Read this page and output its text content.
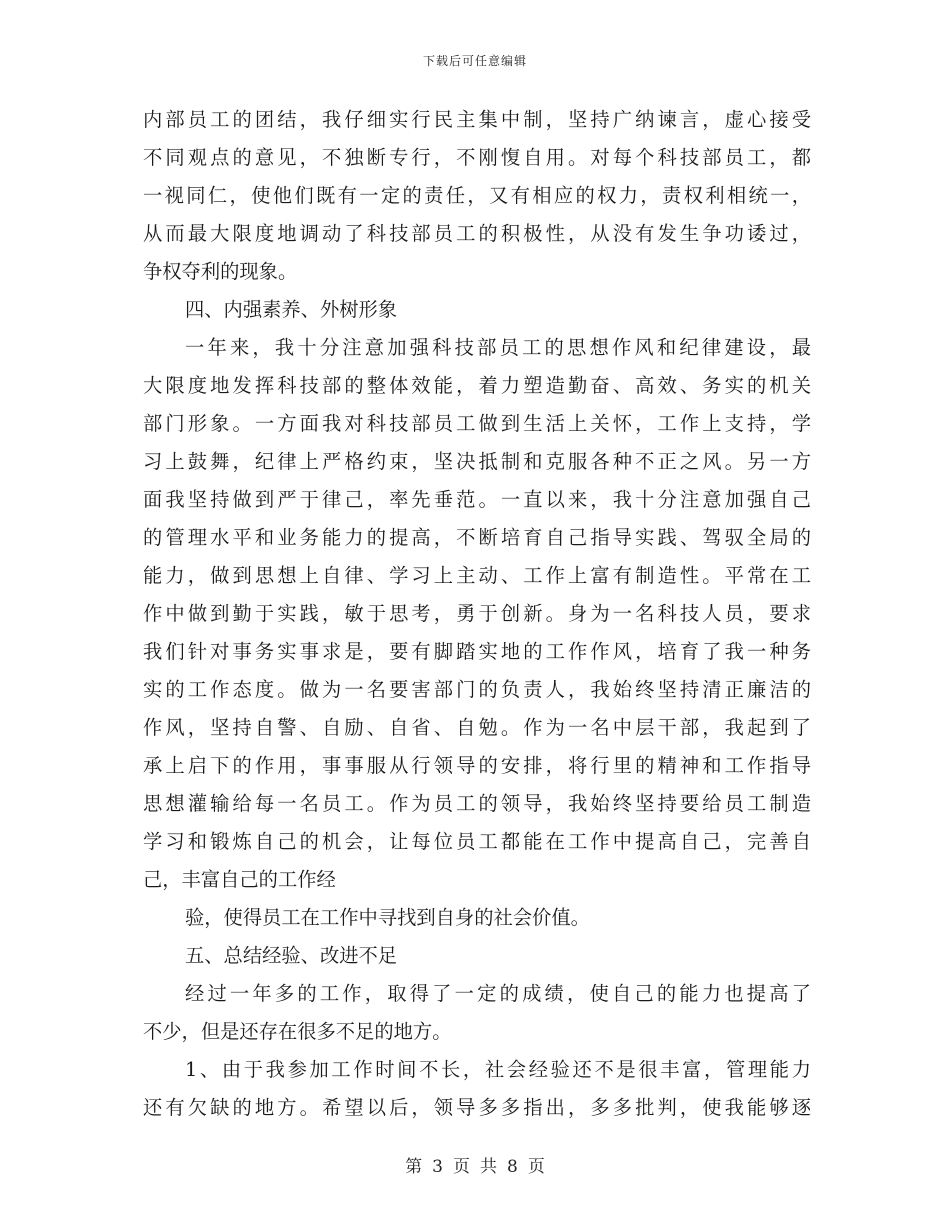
下载后可任意编辑
内部员工的团结，我仔细实行民主集中制，坚持广纳谏言，虚心接受
不同观点的意见，不独断专行，不刚愎自用。对每个科技部员工，都
一视同仁，使他们既有一定的责任，又有相应的权力，责权利相统一，
从而最大限度地调动了科技部员工的积极性，从没有发生争功诿过，
争权夺利的现象。
四、内强素养、外树形象
一年来，我十分注意加强科技部员工的思想作风和纪律建设，最
大限度地发挥科技部的整体效能，着力塑造勤奋、高效、务实的机关
部门形象。一方面我对科技部员工做到生活上关怀，工作上支持，学
习上鼓舞，纪律上严格约束，坚决抵制和克服各种不正之风。另一方
面我坚持做到严于律己，率先垂范。一直以来，我十分注意加强自己
的管理水平和业务能力的提高，不断培育自己指导实践、驾驭全局的
能力，做到思想上自律、学习上主动、工作上富有制造性。平常在工
作中做到勤于实践，敏于思考，勇于创新。身为一名科技人员，要求
我们针对事务实事求是，要有脚踏实地的工作作风，培育了我一种务
实的工作态度。做为一名要害部门的负责人，我始终坚持清正廉洁的
作风，坚持自警、自励、自省、自勉。作为一名中层干部，我起到了
承上启下的作用，事事服从行领导的安排，将行里的精神和工作指导
思想灌输给每一名员工。作为员工的领导，我始终坚持要给员工制造
学习和锻炼自己的机会，让每位员工都能在工作中提高自己，完善自
己，丰富自己的工作经
验，使得员工在工作中寻找到自身的社会价值。
五、总结经验、改进不足
经过一年多的工作，取得了一定的成绩，使自己的能力也提高了
不少，但是还存在很多不足的地方。
1、由于我参加工作时间不长，社会经验还不是很丰富，管理能力
还有欠缺的地方。希望以后，领导多多指出，多多批判，使我能够逐
第 3 页 共 8 页
